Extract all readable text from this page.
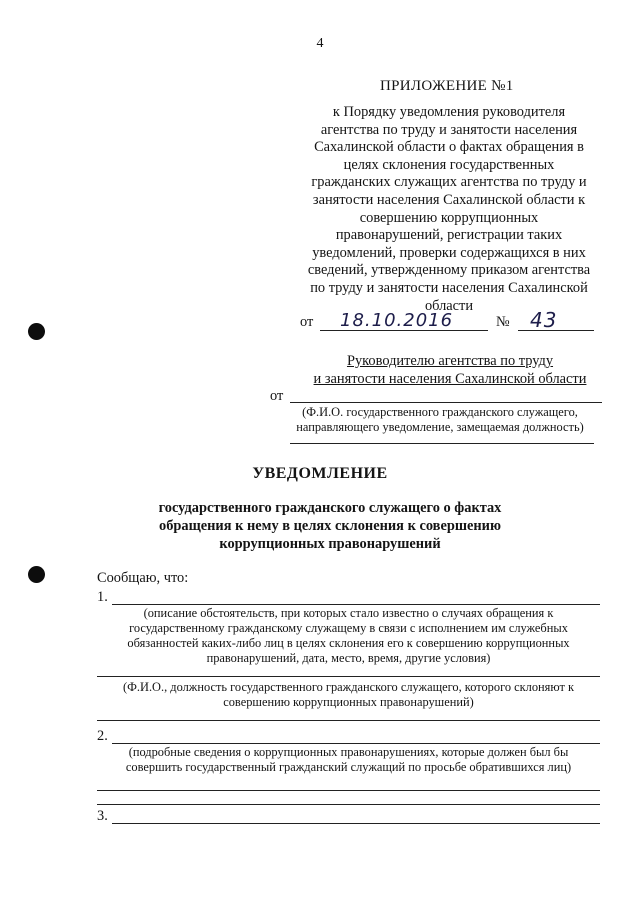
4
ПРИЛОЖЕНИЕ №1
к Порядку уведомления руководителя
агентства по труду и занятости населения
Сахалинской области о фактах обращения в
целях склонения государственных
гражданских служащих агентства по труду и
занятости населения Сахалинской области к
совершению коррупционных
правонарушений, регистрации таких
уведомлений, проверки содержащихся в них
сведений, утвержденному приказом агентства
по труду и занятости населения Сахалинской
области
от 18.10.2016	№ 43
Руководителю агентства по труду
и занятости населения Сахалинской области
от
(Ф.И.О. государственного гражданского служащего,
направляющего уведомление, замещаемая должность)
УВЕДОМЛЕНИЕ
государственного гражданского служащего о фактах
обращения к нему в целях склонения к совершению
коррупционных правонарушений
Сообщаю, что:
1.
(описание обстоятельств, при которых стало известно о случаях обращения к
государственному гражданскому служащему в связи с исполнением им служебных
обязанностей каких-либо лиц в целях склонения его к совершению коррупционных
правонарушений, дата, место, время, другие условия)
(Ф.И.О., должность государственного гражданского служащего, которого склоняют к
совершению коррупционных правонарушений)
2.
(подробные сведения о коррупционных правонарушениях, которые должен был бы
совершить государственный гражданский служащий по просьбе обратившихся лиц)
3.
